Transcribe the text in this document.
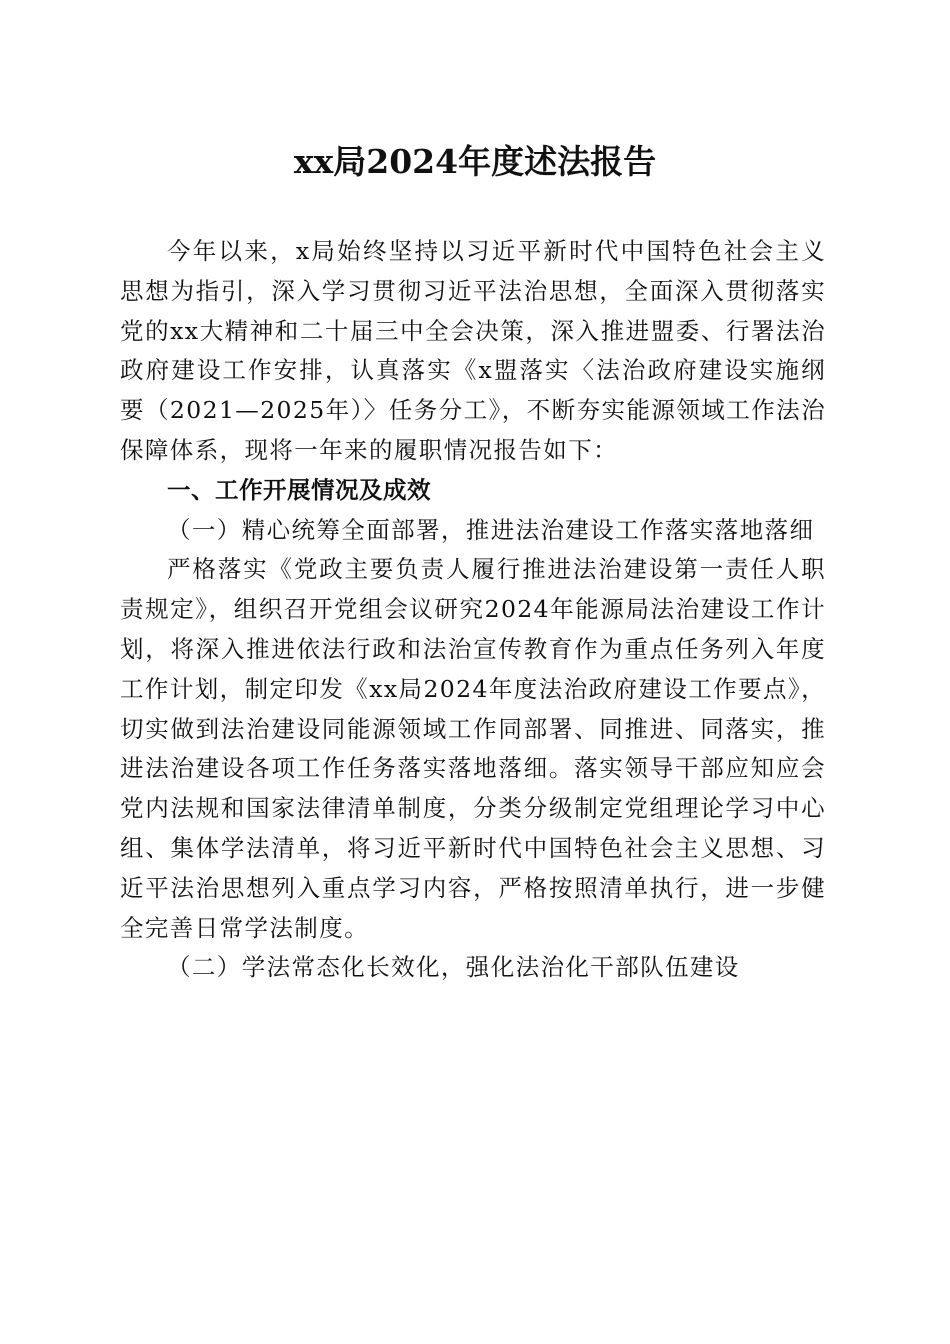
xx局2024年度述法报告

今年以来，x局始终坚持以习近平新时代中国特色社会主义思想为指引，深入学习贯彻习近平法治思想，全面深入贯彻落实党的xx大精神和二十届三中全会决策，深入推进盟委、行署法治政府建设工作安排，认真落实《x盟落实〈法治政府建设实施纲要（2021—2025年）〉任务分工》，不断夯实能源领域工作法治保障体系，现将一年来的履职情况报告如下：

一、工作开展情况及成效

（一）精心统筹全面部署，推进法治建设工作落实落地落细

严格落实《党政主要负责人履行推进法治建设第一责任人职责规定》，组织召开党组会议研究2024年能源局法治建设工作计划，将深入推进依法行政和法治宣传教育作为重点任务列入年度工作计划，制定印发《xx局2024年度法治政府建设工作要点》，切实做到法治建设同能源领域工作同部署、同推进、同落实，推进法治建设各项工作任务落实落地落细。落实领导干部应知应会党内法规和国家法律清单制度，分类分级制定党组理论学习中心组、集体学法清单，将习近平新时代中国特色社会主义思想、习近平法治思想列入重点学习内容，严格按照清单执行，进一步健全完善日常学法制度。

（二）学法常态化长效化，强化法治化干部队伍建设
